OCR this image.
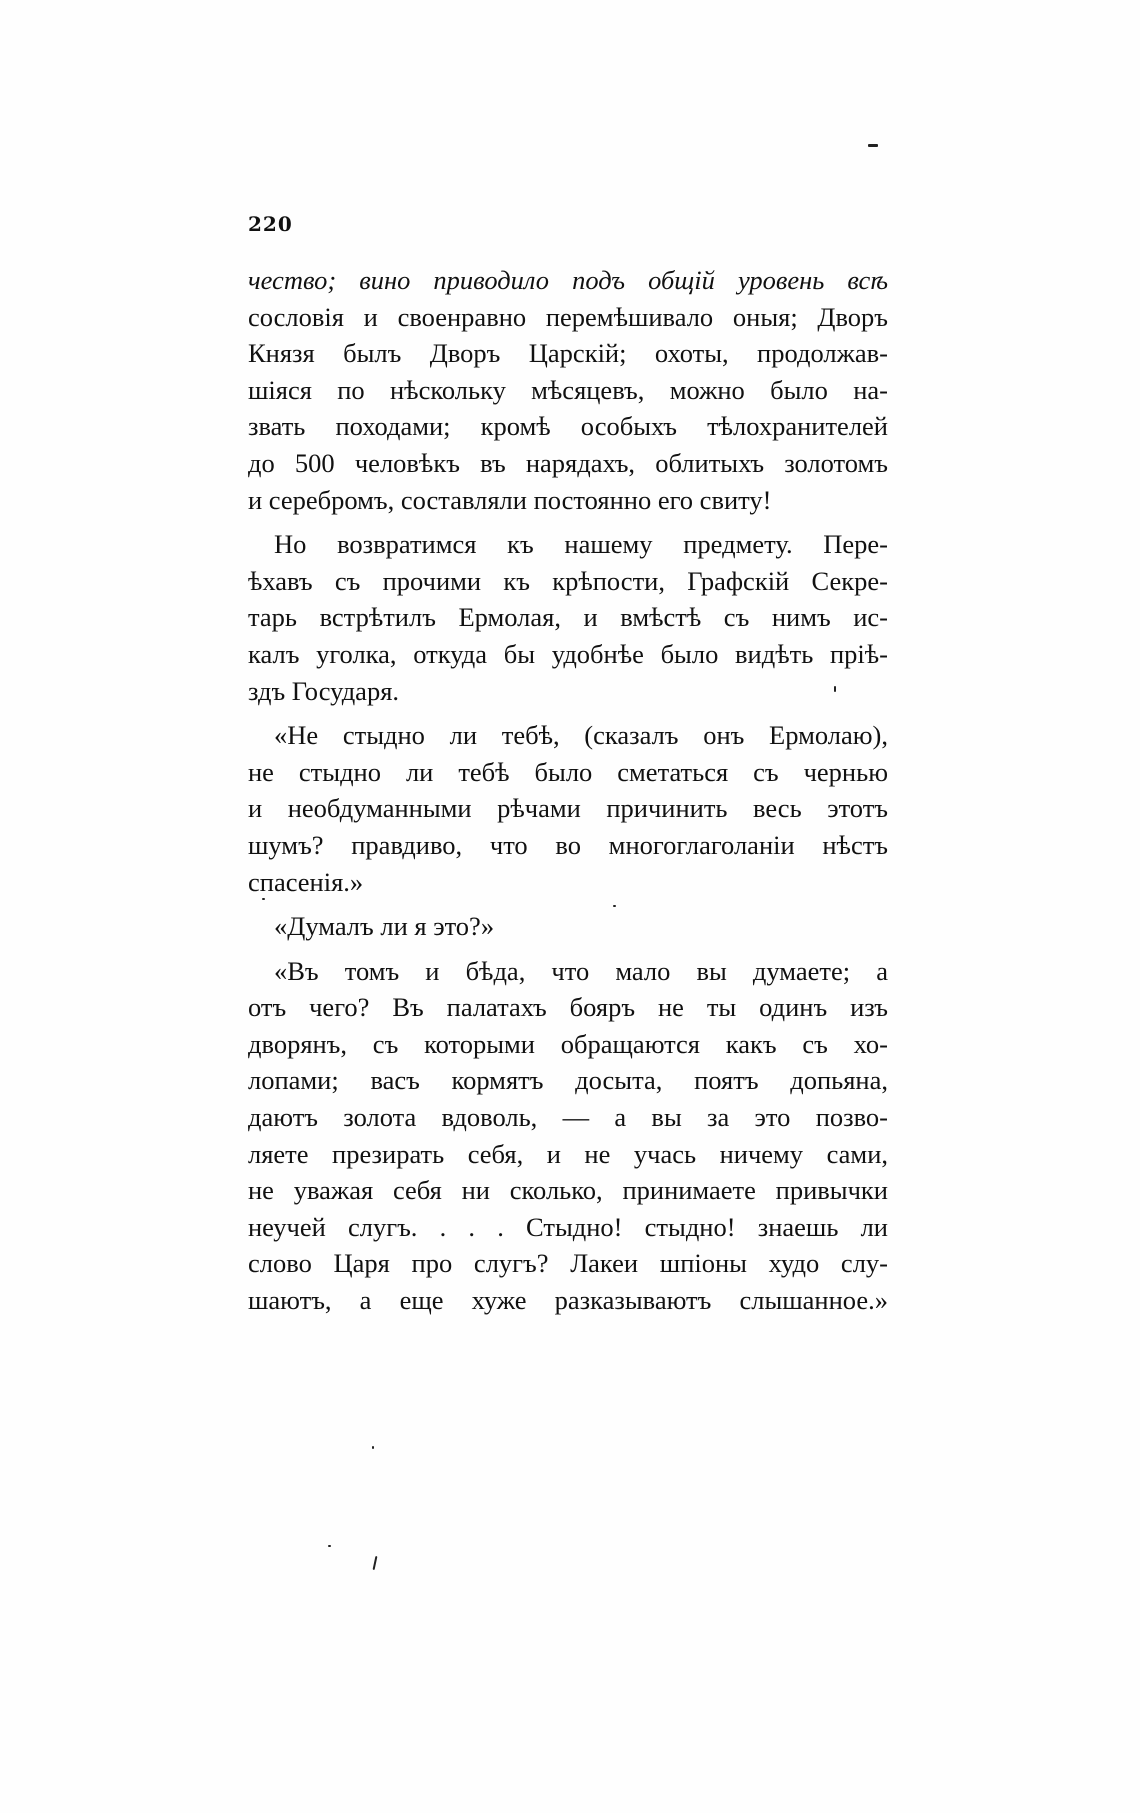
220
чество; вино приводило подъ общій уровень всѣ
сословія и своенравно перемѣшивало оныя; Дворъ
Князя былъ Дворъ Царскій; охоты, продолжав-
шіяся по нѣскольку мѣсяцевъ, можно было на-
звать походами; кромѣ особыхъ тѣлохранителей
до 500 человѣкъ въ нарядахъ, облитыхъ золотомъ
и серебромъ, составляли постоянно его свиту!
Но возвратимся къ нашему предмету. Пере-
ѣхавъ съ прочими къ крѣпости, Графскій Секре-
тарь встрѣтилъ Ермолая, и вмѣстѣ съ нимъ ис-
калъ уголка, откуда бы удобнѣе было видѣть пріѣ-
здъ Государя.
«Не стыдно ли тебѣ, (сказалъ онъ Ермолаю),
не стыдно ли тебѣ было сметаться съ чернью
и необдуманными рѣчами причинить весь этотъ
шумъ? правдиво, что во многоглаголаніи нѣстъ
спасенія.»
«Думалъ ли я это?»
«Въ томъ и бѣда, что мало вы думаете; а
отъ чего? Въ палатахъ бояръ не ты одинъ изъ
дворянъ, съ которыми обращаются какъ съ хо-
лопами; васъ кормятъ досыта, поятъ допьяна,
даютъ золота вдоволь, — а вы за это позво-
ляете презирать себя, и не учась ничему сами,
не уважая себя ни сколько, принимаете привычки
неучей слугъ. . . . Стыдно! стыдно! знаешь ли
слово Царя про слугъ? Лакеи шпіоны худо слу-
шаютъ, а еще хуже разказываютъ слышанное.»
